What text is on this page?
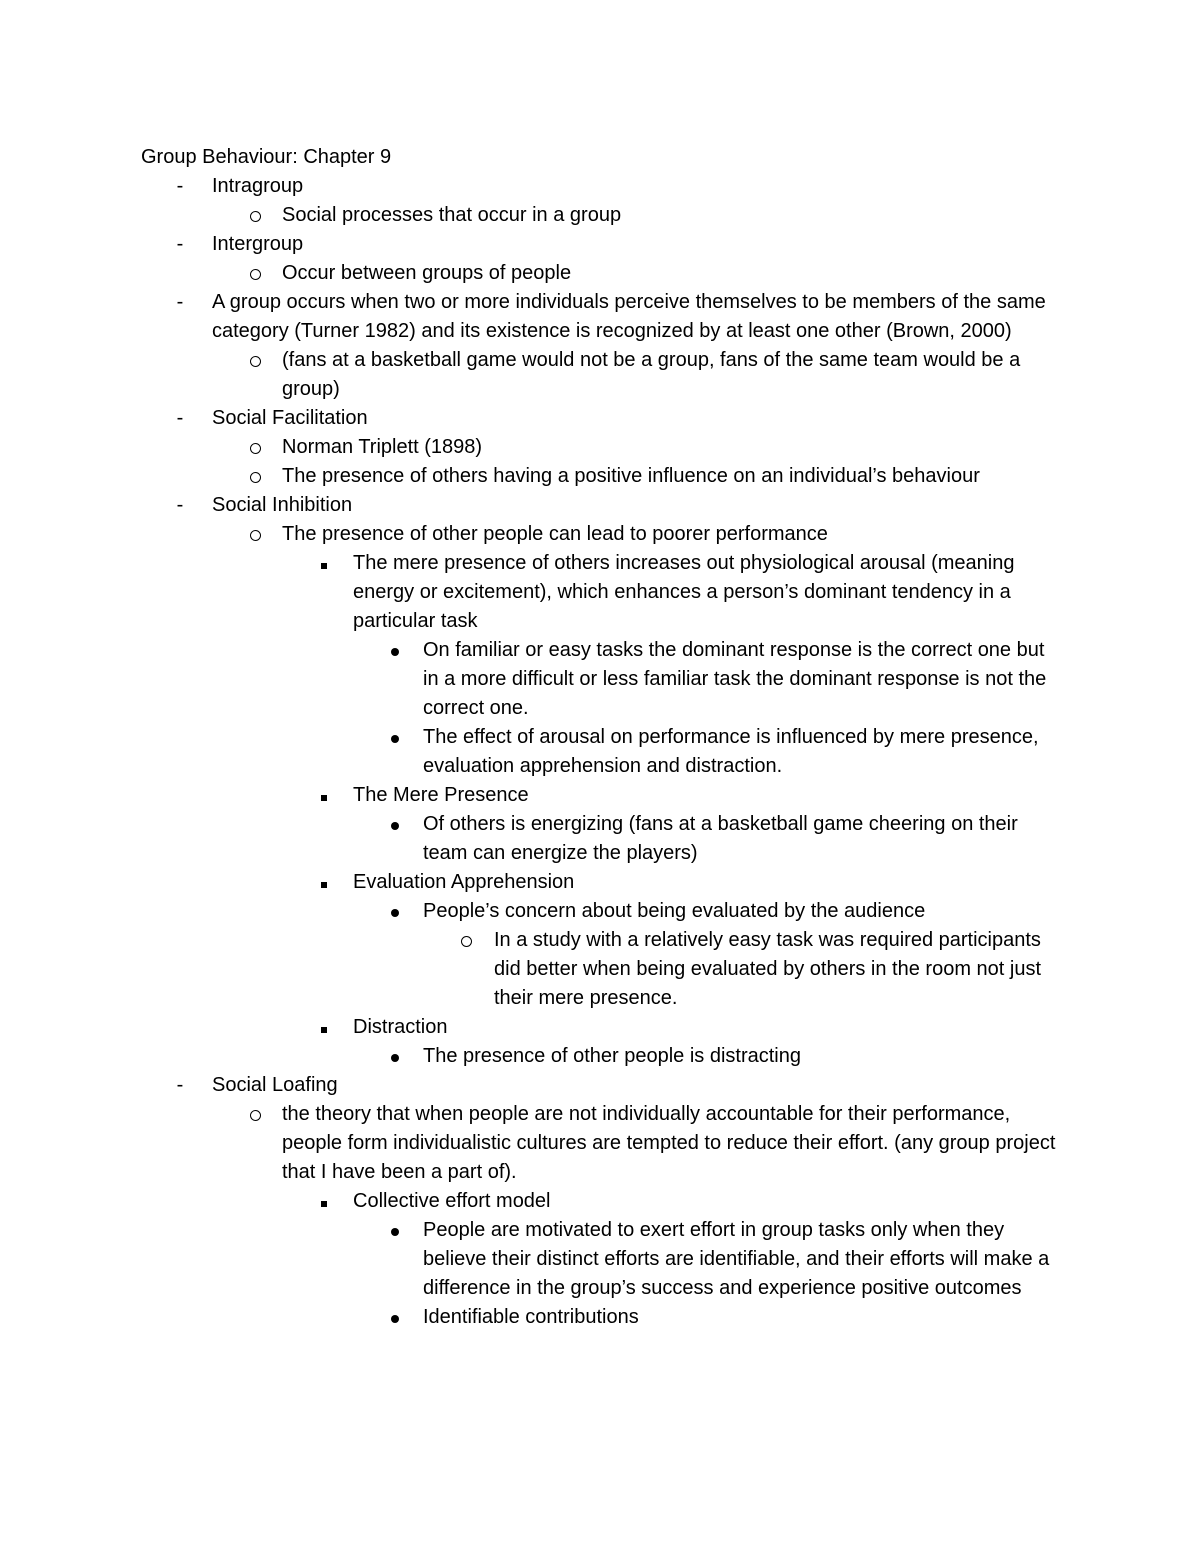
Group Behaviour: Chapter 9
-	Intragroup
Social processes that occur in a group
-	Intergroup
Occur between groups of people
-	A group occurs when two or more individuals perceive themselves to be members of the same category (Turner 1982) and its existence is recognized by at least one other (Brown, 2000)
(fans at a basketball game would not be a group, fans of the same team would be a group)
-	Social Facilitation
Norman Triplett (1898)
The presence of others having a positive influence on an individual’s behaviour
-	Social Inhibition
The presence of other people can lead to poorer performance
The mere presence of others increases out physiological arousal (meaning energy or excitement), which enhances a person’s dominant tendency in a particular task
On familiar or easy tasks the dominant response is the correct one but in a more difficult or less familiar task the dominant response is not the correct one.
The effect of arousal on performance is influenced by mere presence, evaluation apprehension and distraction.
The Mere Presence
Of others is energizing (fans at a basketball game cheering on their team can energize the players)
Evaluation Apprehension
People’s concern about being evaluated by the audience
In a study with a relatively easy task was required participants did better when being evaluated by others in the room not just their mere presence.
Distraction
The presence of other people is distracting
-	Social Loafing
the theory that when people are not individually accountable for their performance, people form individualistic cultures are tempted to reduce their effort. (any group project that I have been a part of).
Collective effort model
People are motivated to exert effort in group tasks only when they believe their distinct efforts are identifiable, and their efforts will make a difference in the group’s success and experience positive outcomes
Identifiable contributions
